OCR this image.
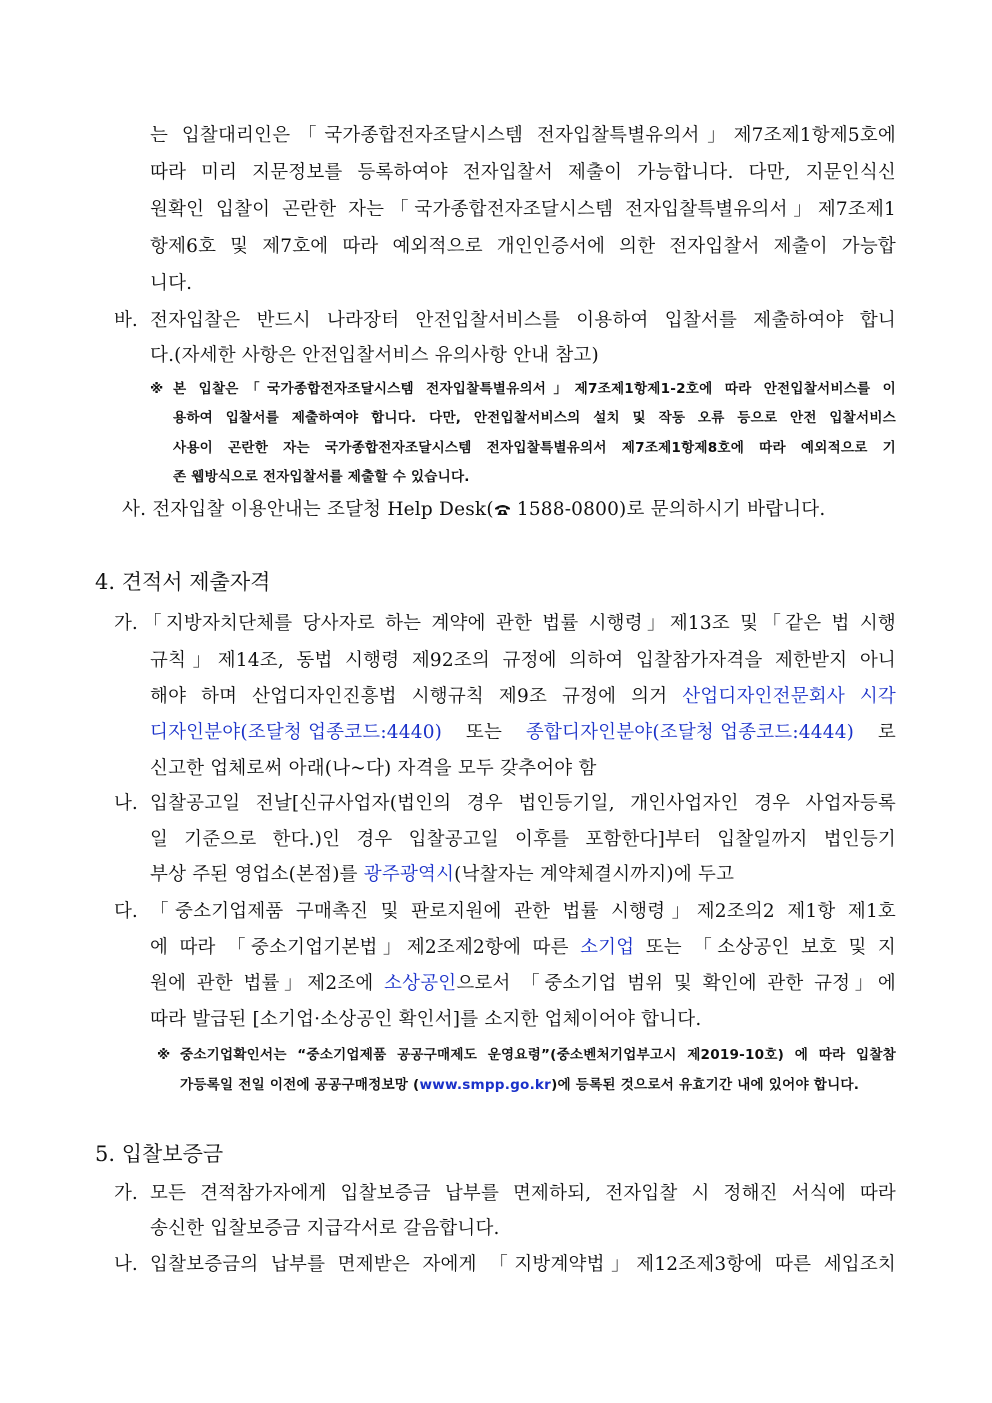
는 입찰대리인은「국가종합전자조달시스템 전자입찰특별유의서」제7조제1항제5호에
따라 미리 지문정보를 등록하여야 전자입찰서 제출이 가능합니다. 다만, 지문인식신
원확인 입찰이 곤란한 자는「국가종합전자조달시스템 전자입찰특별유의서」제7조제1
항제6호 및 제7호에 따라 예외적으로 개인인증서에 의한 전자입찰서 제출이 가능합
니다.
바. 전자입찰은 반드시 나라장터 안전입찰서비스를 이용하여 입찰서를 제출하여야 합니
다.(자세한 사항은 안전입찰서비스 유의사항 안내 참고)
※ 본 입찰은「국가종합전자조달시스템 전자입찰특별유의서」제7조제1항제1-2호에 따라 안전입찰서비스를 이
용하여 입찰서를 제출하여야 합니다. 다만, 안전입찰서비스의 설치 및 작동 오류 등으로 안전 입찰서비스
사용이 곤란한 자는 국가종합전자조달시스템 전자입찰특별유의서 제7조제1항제8호에 따라 예외적으로 기
존 웹방식으로 전자입찰서를 제출할 수 있습니다.
사. 전자입찰 이용안내는 조달청 Help Desk( 1588-0800)로 문의하시기 바랍니다.
4. 견적서 제출자격
가. 「지방자치단체를 당사자로 하는 계약에 관한 법률 시행령」제13조 및「같은 법 시행
규칙」제14조, 동법 시행령 제92조의 규정에 의하여 입찰참가자격을 제한받지 아니
해야 하며 산업디자인진흥법 시행규칙 제9조 규정에 의거 산업디자인전문회사 시각
디자인분야(조달청 업종코드:4440) 또는 종합디자인분야(조달청 업종코드:4444) 로
신고한 업체로써 아래(나~다) 자격을 모두 갖추어야 함
나. 입찰공고일 전날[신규사업자(법인의 경우 법인등기일, 개인사업자인 경우 사업자등록
일 기준으로 한다.)인 경우 입찰공고일 이후를 포함한다]부터 입찰일까지 법인등기
부상 주된 영업소(본점)를 광주광역시(낙찰자는 계약체결시까지)에 두고
다. 「중소기업제품 구매촉진 및 판로지원에 관한 법률 시행령」제2조의2 제1항 제1호
에 따라 「중소기업기본법」제2조제2항에 따른 소기업 또는 「소상공인 보호 및 지
원에 관한 법률」제2조에 소상공인으로서 「중소기업 범위 및 확인에 관한 규정」에
따라 발급된 [소기업·소상공인 확인서]를 소지한 업체이어야 합니다.
※ 중소기업확인서는 “중소기업제품 공공구매제도 운영요령”(중소벤처기업부고시 제2019-10호) 에 따라 입찰참
가등록일 전일 이전에 공공구매정보망 (www.smpp.go.kr)에 등록된 것으로서 유효기간 내에 있어야 합니다.
5. 입찰보증금
가. 모든 견적참가자에게 입찰보증금 납부를 면제하되, 전자입찰 시 정해진 서식에 따라
송신한 입찰보증금 지급각서로 갈음합니다.
나. 입찰보증금의 납부를 면제받은 자에게 「지방계약법」제12조제3항에 따른 세입조치
